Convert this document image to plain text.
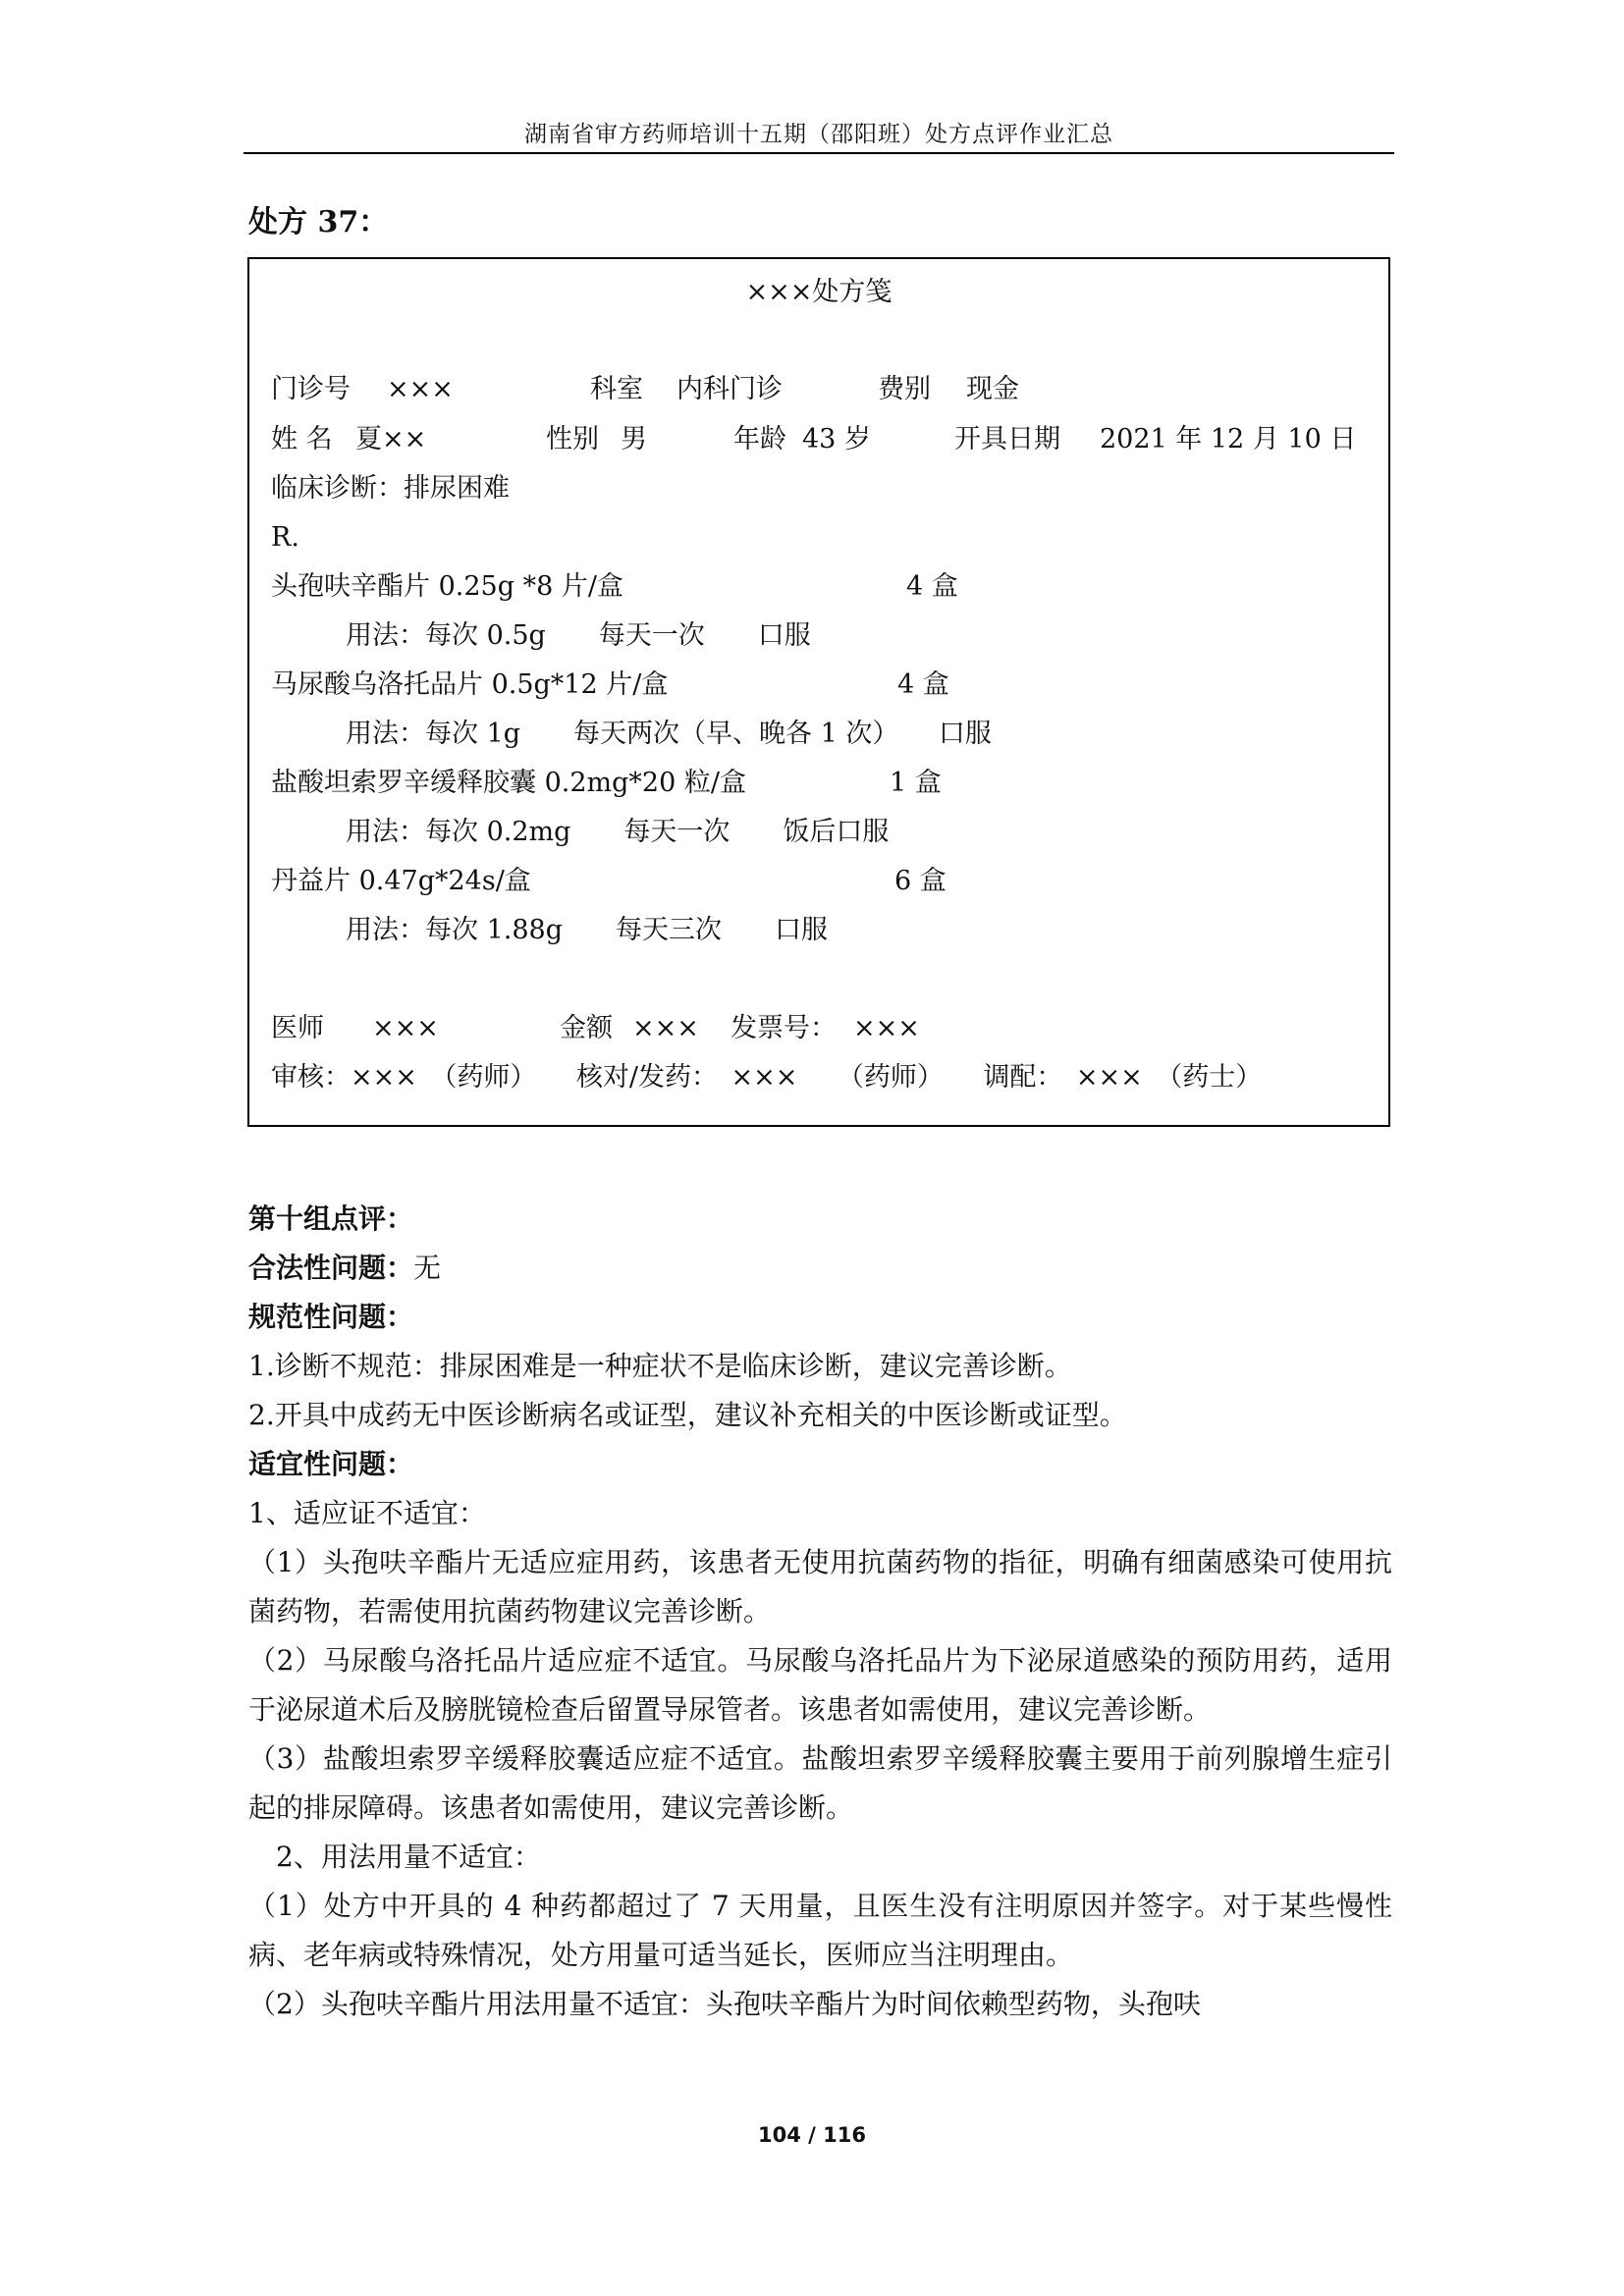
湖南省审方药师培训十五期（邵阳班）处方点评作业汇总
处方 37：
×××处方笺
门诊号 ×××	科室 内科门诊	费别 现金
姓 名 夏××	性别 男	年龄 43 岁	开具日期 2021 年 12 月 10 日
临床诊断：排尿困难
R.
头孢呋辛酯片 0.25g *8 片/盒	4 盒
用法：每次 0.5g　　每天一次　　口服
马尿酸乌洛托品片 0.5g*12 片/盒	4 盒
用法：每次 1g　　每天两次（早、晚各 1 次）　　口服
盐酸坦索罗辛缓释胶囊 0.2mg*20 粒/盒	1 盒
用法：每次 0.2mg　　每天一次　　饭后口服
丹益片 0.47g*24s/盒	6 盒
用法：每次 1.88g　　每天三次　　口服
医师 ×××	金额 ××× 发票号： ×××
审核：×××　（药师）　　核对/发药：　×××　　（药师）　　调配：　×××　（药士）

第十组点评：

合法性问题：无

规范性问题：

1.诊断不规范：排尿困难是一种症状不是临床诊断，建议完善诊断。

2.开具中成药无中医诊断病名或证型，建议补充相关的中医诊断或证型。

适宜性问题：

1、适应证不适宜：

（1）头孢呋辛酯片无适应症用药，该患者无使用抗菌药物的指征，明确有细菌感染可使用抗菌药物，若需使用抗菌药物建议完善诊断。

（2）马尿酸乌洛托品片适应症不适宜。马尿酸乌洛托品片为下泌尿道感染的预防用药，适用于泌尿道术后及膀胱镜检查后留置导尿管者。该患者如需使用，建议完善诊断。

（3）盐酸坦索罗辛缓释胶囊适应症不适宜。盐酸坦索罗辛缓释胶囊主要用于前列腺增生症引起的排尿障碍。该患者如需使用，建议完善诊断。

2、用法用量不适宜：

（1）处方中开具的 4 种药都超过了 7 天用量，且医生没有注明原因并签字。对于某些慢性病、老年病或特殊情况，处方用量可适当延长，医师应当注明理由。

（2）头孢呋辛酯片用法用量不适宜：头孢呋辛酯片为时间依赖型药物，头孢呋

104 / 116
